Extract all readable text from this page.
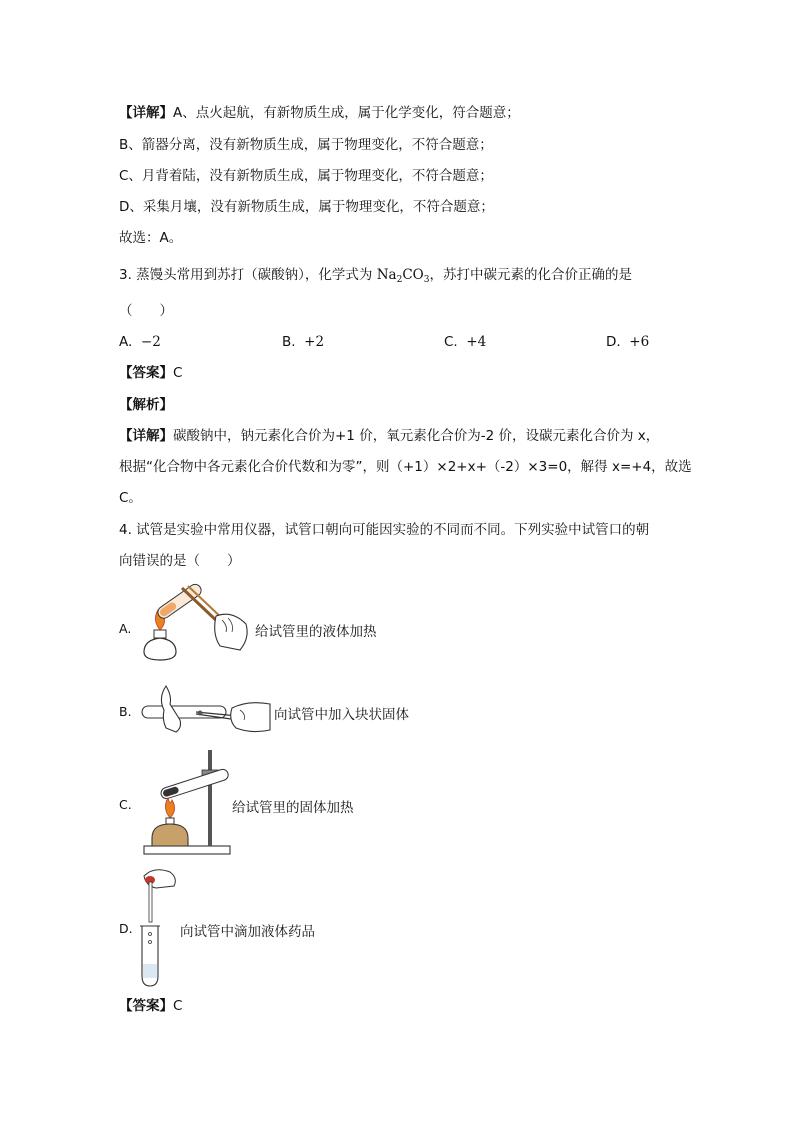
【详解】A、点火起航，有新物质生成，属于化学变化，符合题意；
B、箭器分离，没有新物质生成，属于物理变化，不符合题意；
C、月背着陆，没有新物质生成，属于物理变化，不符合题意；
D、采集月壤，没有新物质生成，属于物理变化，不符合题意；
故选：A。
3. 蒸馒头常用到苏打（碳酸钠），化学式为 $Na_2CO_3$，苏打中碳元素的化合价正确的是
（　　）
A. −2	B. +2	C. +4	D. +6
【答案】C
【解析】
【详解】碳酸钠中，钠元素化合价为+1 价，氧元素化合价为-2 价，设碳元素化合价为 x，
根据“化合物中各元素化合价代数和为零”，则（+1）×2+x+（-2）×3=0，解得 x=+4，故选
C。
4. 试管是实验中常用仪器，试管口朝向可能因实验的不同而不同。下列实验中试管口的朝
向错误的是（　　）
A.	给试管里的液体加热
B.	向试管中加入块状固体
C.	给试管里的固体加热
D.	向试管中滴加液体药品
【答案】C
